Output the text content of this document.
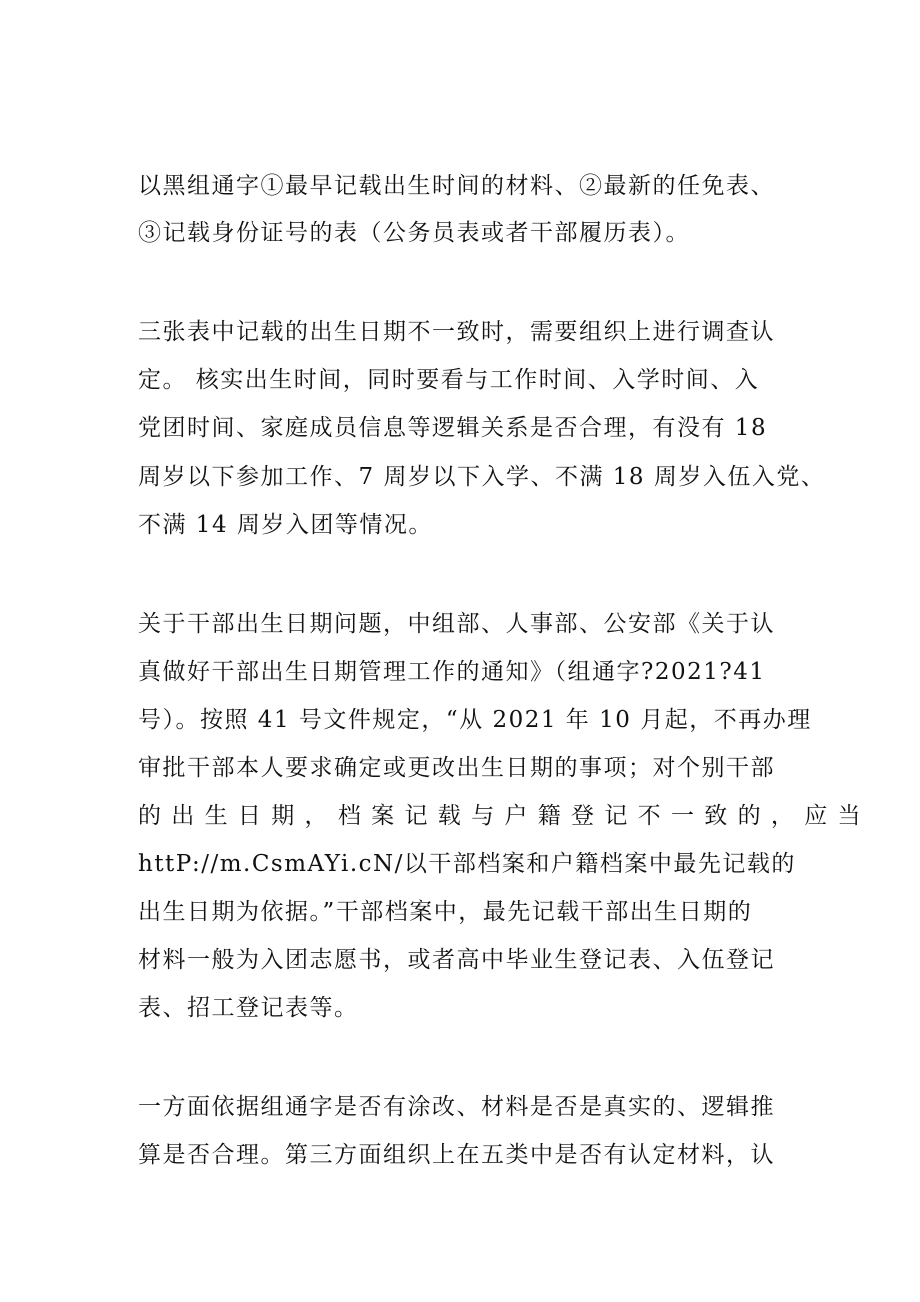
以黑组通字①最早记载出生时间的材料、②最新的任免表、
③记载身份证号的表（公务员表或者干部履历表）。
三张表中记载的出生日期不一致时，需要组织上进行调查认
定。 核实出生时间，同时要看与工作时间、入学时间、入
党团时间、家庭成员信息等逻辑关系是否合理，有没有 18
周岁以下参加工作、7 周岁以下入学、不满 18 周岁入伍入党、
不满 14 周岁入团等情况。
关于干部出生日期问题，中组部、人事部、公安部《关于认
真做好干部出生日期管理工作的通知》（组通字?2021?41
号）。按照 41 号文件规定，“从 2021 年 10 月起，不再办理
审批干部本人要求确定或更改出生日期的事项；对个别干部
的 出 生 日 期 ， 档 案 记 载 与 户 籍 登 记 不 一 致 的 ， 应 当
httP://m.CsmAYi.cN/以干部档案和户籍档案中最先记载的
出生日期为依据。”干部档案中，最先记载干部出生日期的
材料一般为入团志愿书，或者高中毕业生登记表、入伍登记
表、招工登记表等。
一方面依据组通字是否有涂改、材料是否是真实的、逻辑推
算是否合理。第三方面组织上在五类中是否有认定材料，认
